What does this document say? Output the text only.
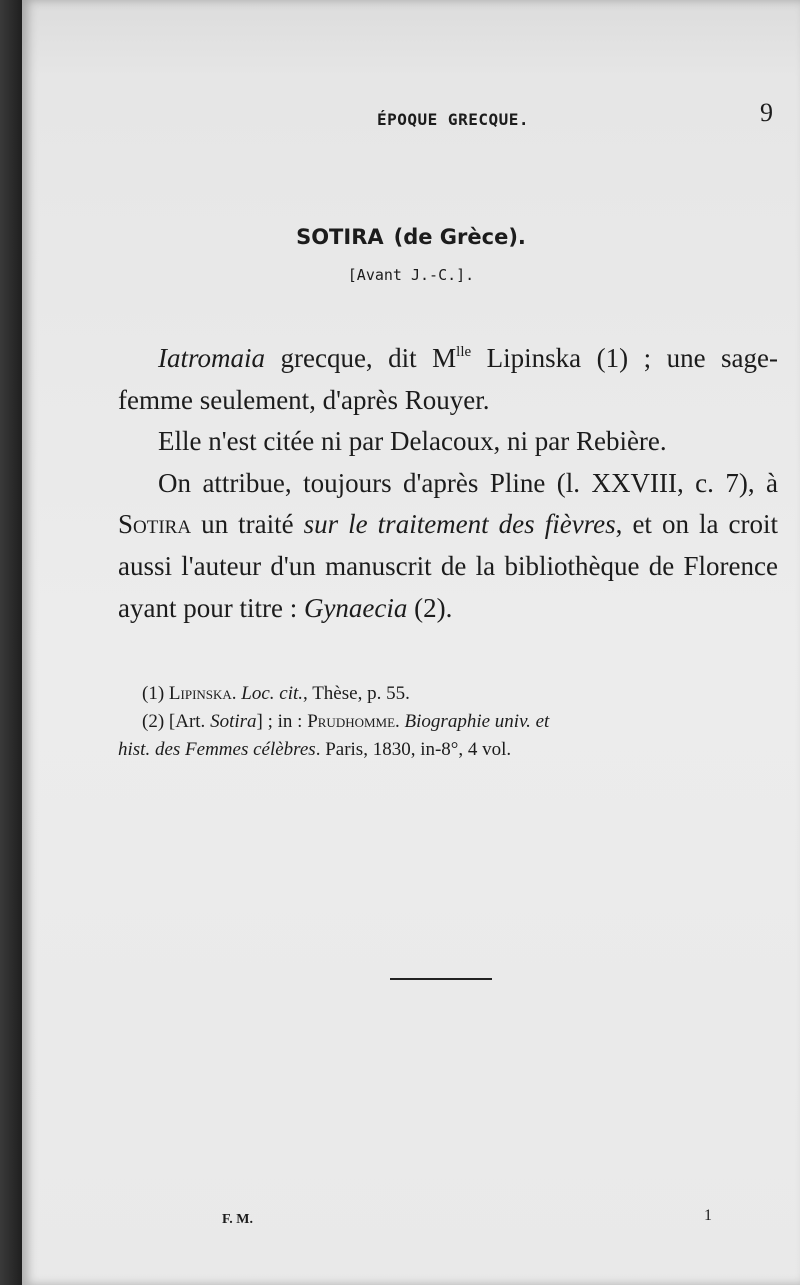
ÉPOQUE GRECQUE.	9
SOTIRA (de Grèce).
[Avant J.-C.].

Iatromaia grecque, dit $M^{lle}$ Lipinska (1) ; une sage-femme seulement, d'après Rouyer.

Elle n'est citée ni par Delacoux, ni par Rebière.

On attribue, toujours d'après Pline (l. XXVIII, c. 7), à Sotira un traité sur le traitement des fièvres, et on la croit aussi l'auteur d'un manuscrit de la bibliothèque de Florence ayant pour titre : Gynaecia (2).

(1) Lipinska. Loc. cit., Thèse, p. 55.
(2) [Art. Sotira] ; in : Prudhomme. Biographie univ. et
hist. des Femmes célèbres. Paris, 1830, in-8°, 4 vol.
F. M.	1
